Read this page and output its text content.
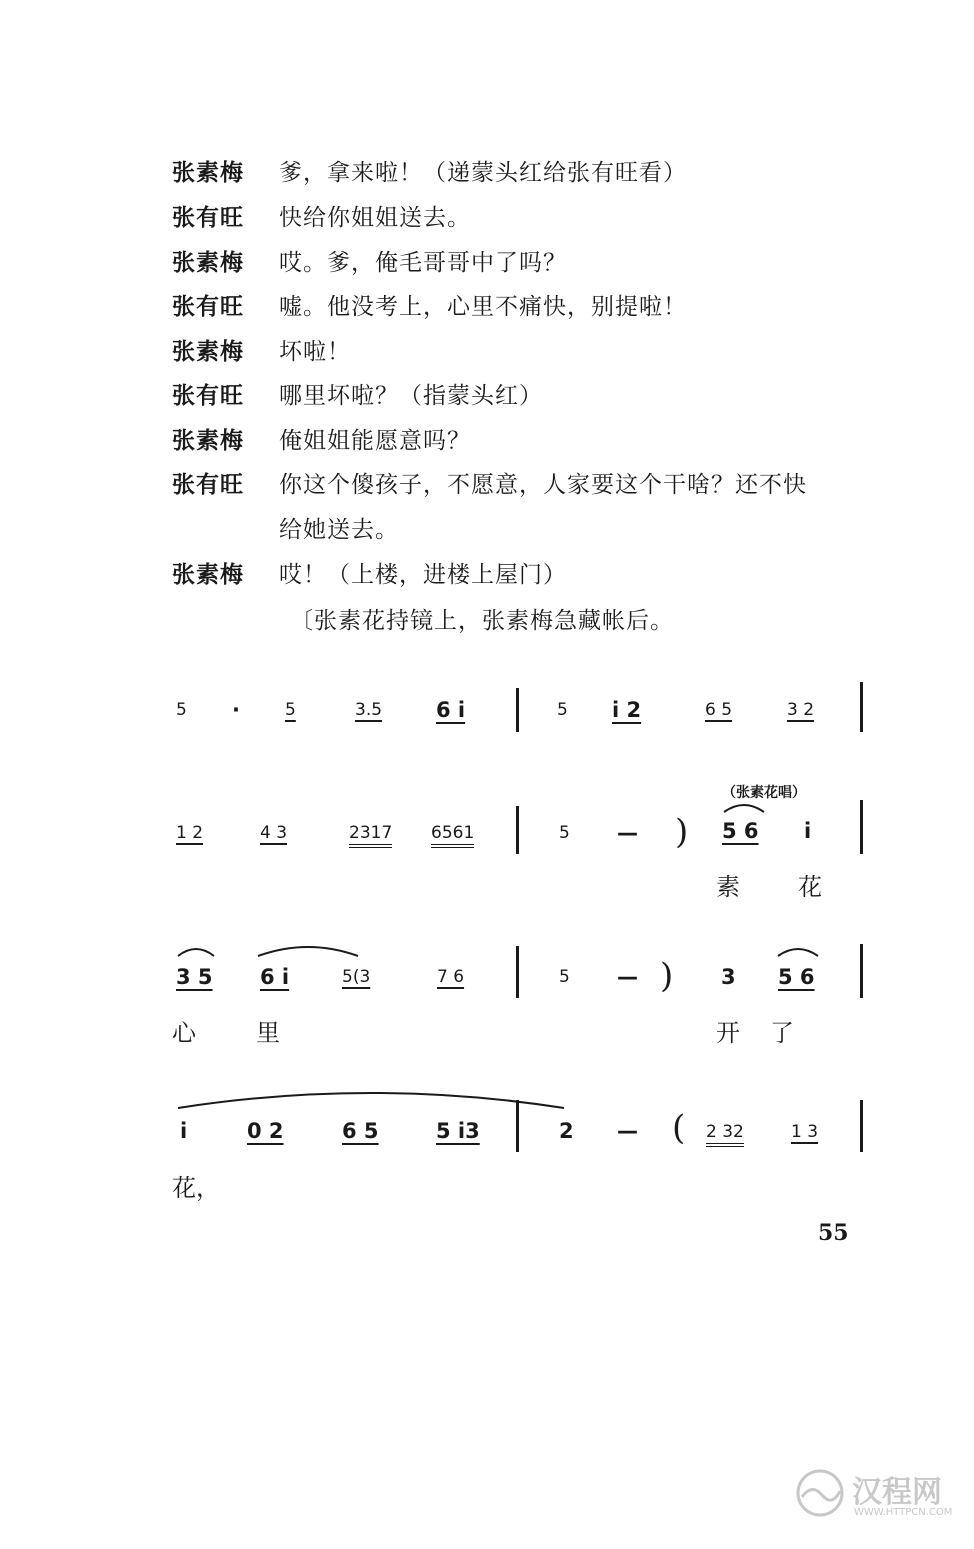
张素梅 爹，拿来啦！（递蒙头红给张有旺看）
张有旺 快给你姐姐送去。
张素梅 哎。爹，俺毛哥哥中了吗？
张有旺 嘘。他没考上，心里不痛快，别提啦！
张素梅 坏啦！
张有旺 哪里坏啦？（指蒙头红）
张素梅 俺姐姐能愿意吗？
张有旺 你这个傻孩子，不愿意，人家要这个干啥？还不快
给她送去。
张素梅 哎！（上楼，进楼上屋门）
〔张素花持镜上，张素梅急藏帐后。
5 ·	5	3.5	6 i	5 i 2	6 5	3 2
1 2	4 3	2317 6561	5 — )
（张素花唱）
5 6 i
素 花
3 5 6 i	5(3	7 6	5 — ) 3 5 6
心	里	开 了
i	0 2	6 5	5 i3	2 — ( 2 32	1 3
花，
55
汉程网
WWW.HTTPCN.COM
